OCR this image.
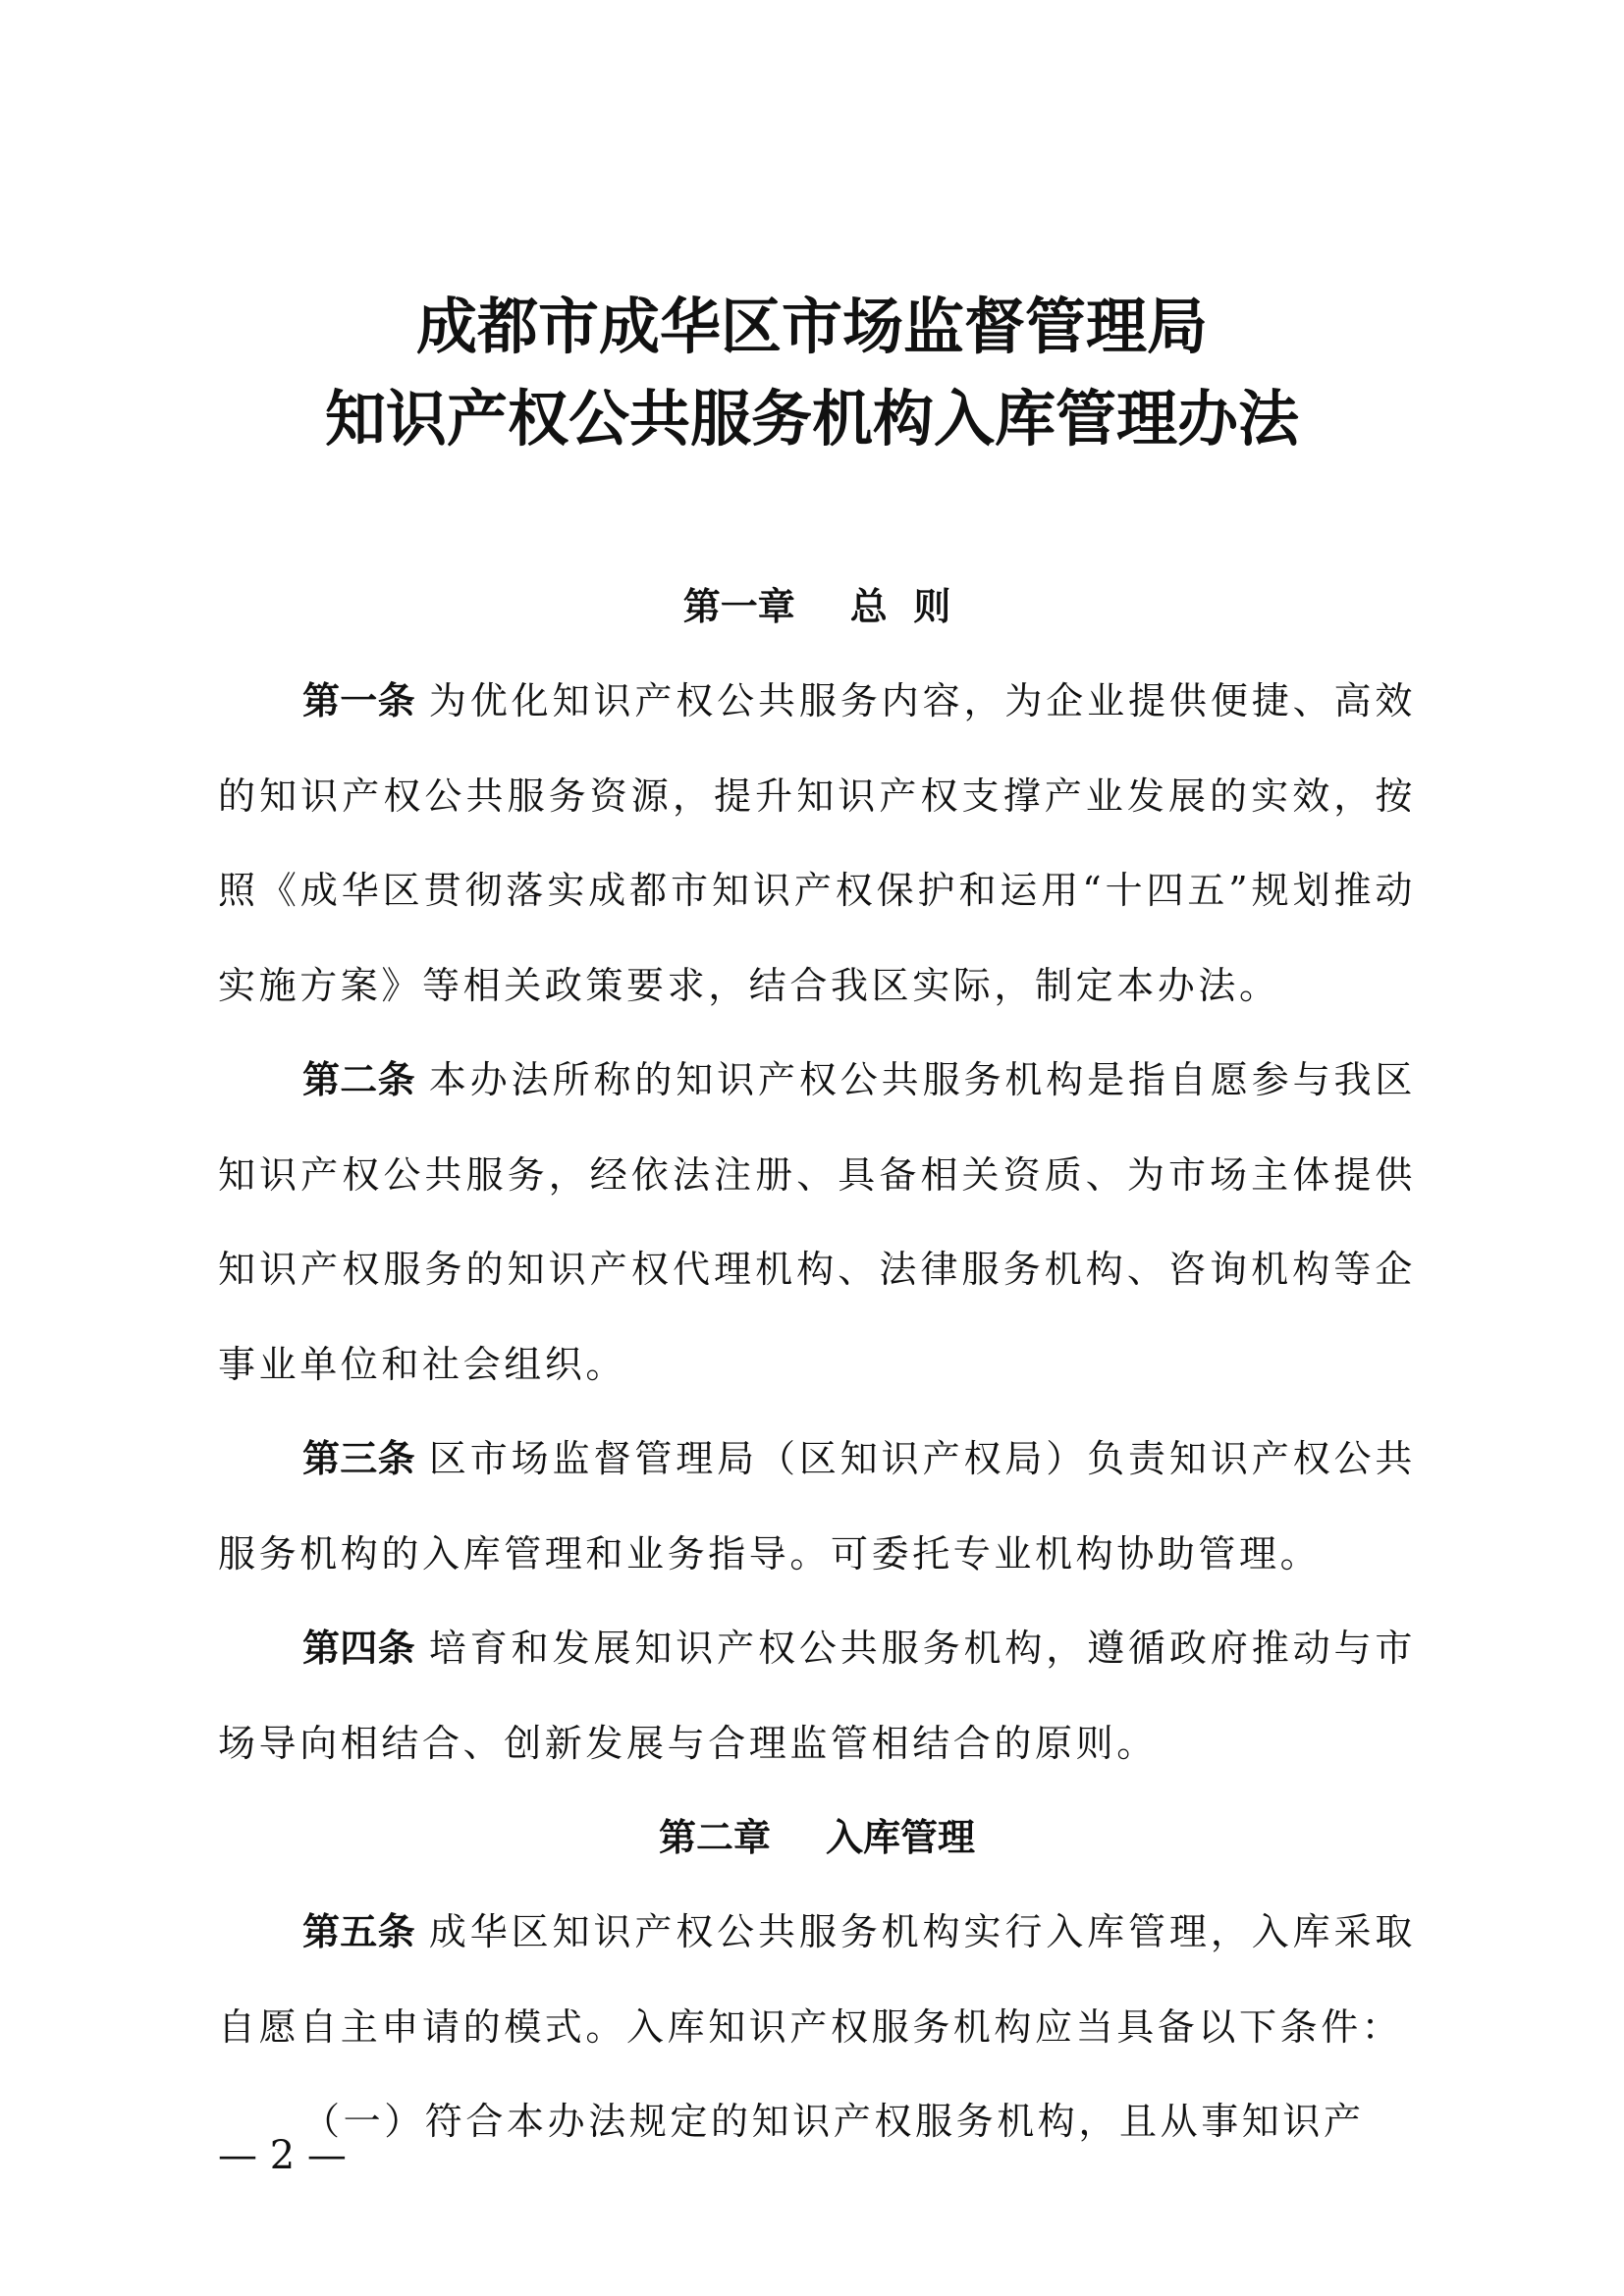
成都市成华区市场监督管理局

知识产权公共服务机构入库管理办法

第一章 总  则

第一条 为优化知识产权公共服务内容，为企业提供便捷、高效的知识产权公共服务资源，提升知识产权支撑产业发展的实效，按照《成华区贯彻落实成都市知识产权保护和运用“十四五”规划推动实施方案》等相关政策要求，结合我区实际，制定本办法。

第二条 本办法所称的知识产权公共服务机构是指自愿参与我区知识产权公共服务，经依法注册、具备相关资质、为市场主体提供知识产权服务的知识产权代理机构、法律服务机构、咨询机构等企事业单位和社会组织。

第三条 区市场监督管理局（区知识产权局）负责知识产权公共服务机构的入库管理和业务指导。可委托专业机构协助管理。

第四条 培育和发展知识产权公共服务机构，遵循政府推动与市场导向相结合、创新发展与合理监管相结合的原则。

第二章 入库管理

第五条 成华区知识产权公共服务机构实行入库管理，入库采取自愿自主申请的模式。入库知识产权服务机构应当具备以下条件：

（一）符合本办法规定的知识产权服务机构，且从事知识产

— 2 —
